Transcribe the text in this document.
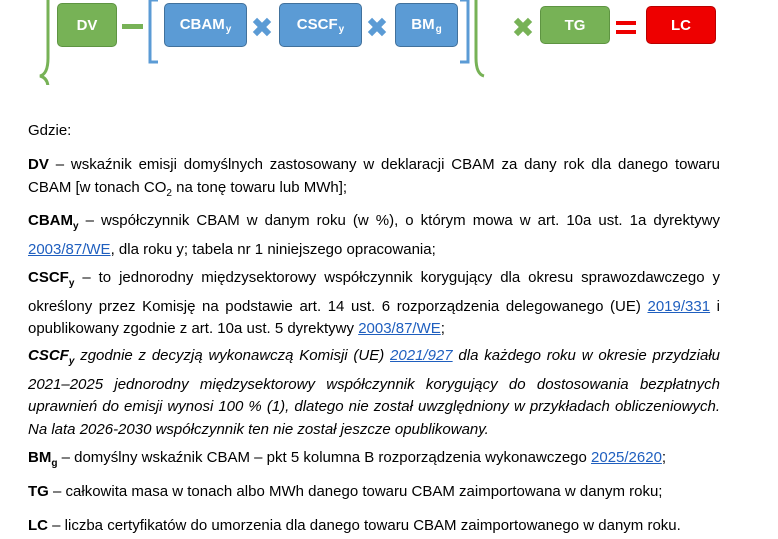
DV	$CBAM_y$	$CSCF_y$	$BM_g$	TG	LC

Gdzie:

DV – wskaźnik emisji domyślnych zastosowany w deklaracji CBAM za dany rok dla danego towaru CBAM [w tonach $CO_2$ na tonę towaru lub MWh];

$CBAM_y$ – współczynnik CBAM w danym roku (w %), o którym mowa w art. 10a ust. 1a dyrektywy 2003/87/WE, dla roku y; tabela nr 1 niniejszego opracowania;

$CSCF_y$ – to jednorodny międzysektorowy współczynnik korygujący dla okresu sprawozdawczego y określony przez Komisję na podstawie art. 14 ust. 6 rozporządzenia delegowanego (UE) 2019/331 i opublikowany zgodnie z art. 10a ust. 5 dyrektywy 2003/87/WE;

$CSCF_y$ zgodnie z decyzją wykonawczą Komisji (UE) 2021/927 dla każdego roku w okresie przydziału 2021–2025 jednorodny międzysektorowy współczynnik korygujący do dostosowania bezpłatnych uprawnień do emisji wynosi 100 % (1), dlatego nie został uwzględniony w przykładach obliczeniowych. Na lata 2026-2030 współczynnik ten nie został jeszcze opublikowany.

$BM_g$ – domyślny wskaźnik CBAM – pkt 5 kolumna B rozporządzenia wykonawczego 2025/2620;

TG – całkowita masa w tonach albo MWh danego towaru CBAM zaimportowana w danym roku;

LC – liczba certyfikatów do umorzenia dla danego towaru CBAM zaimportowanego w danym roku.
